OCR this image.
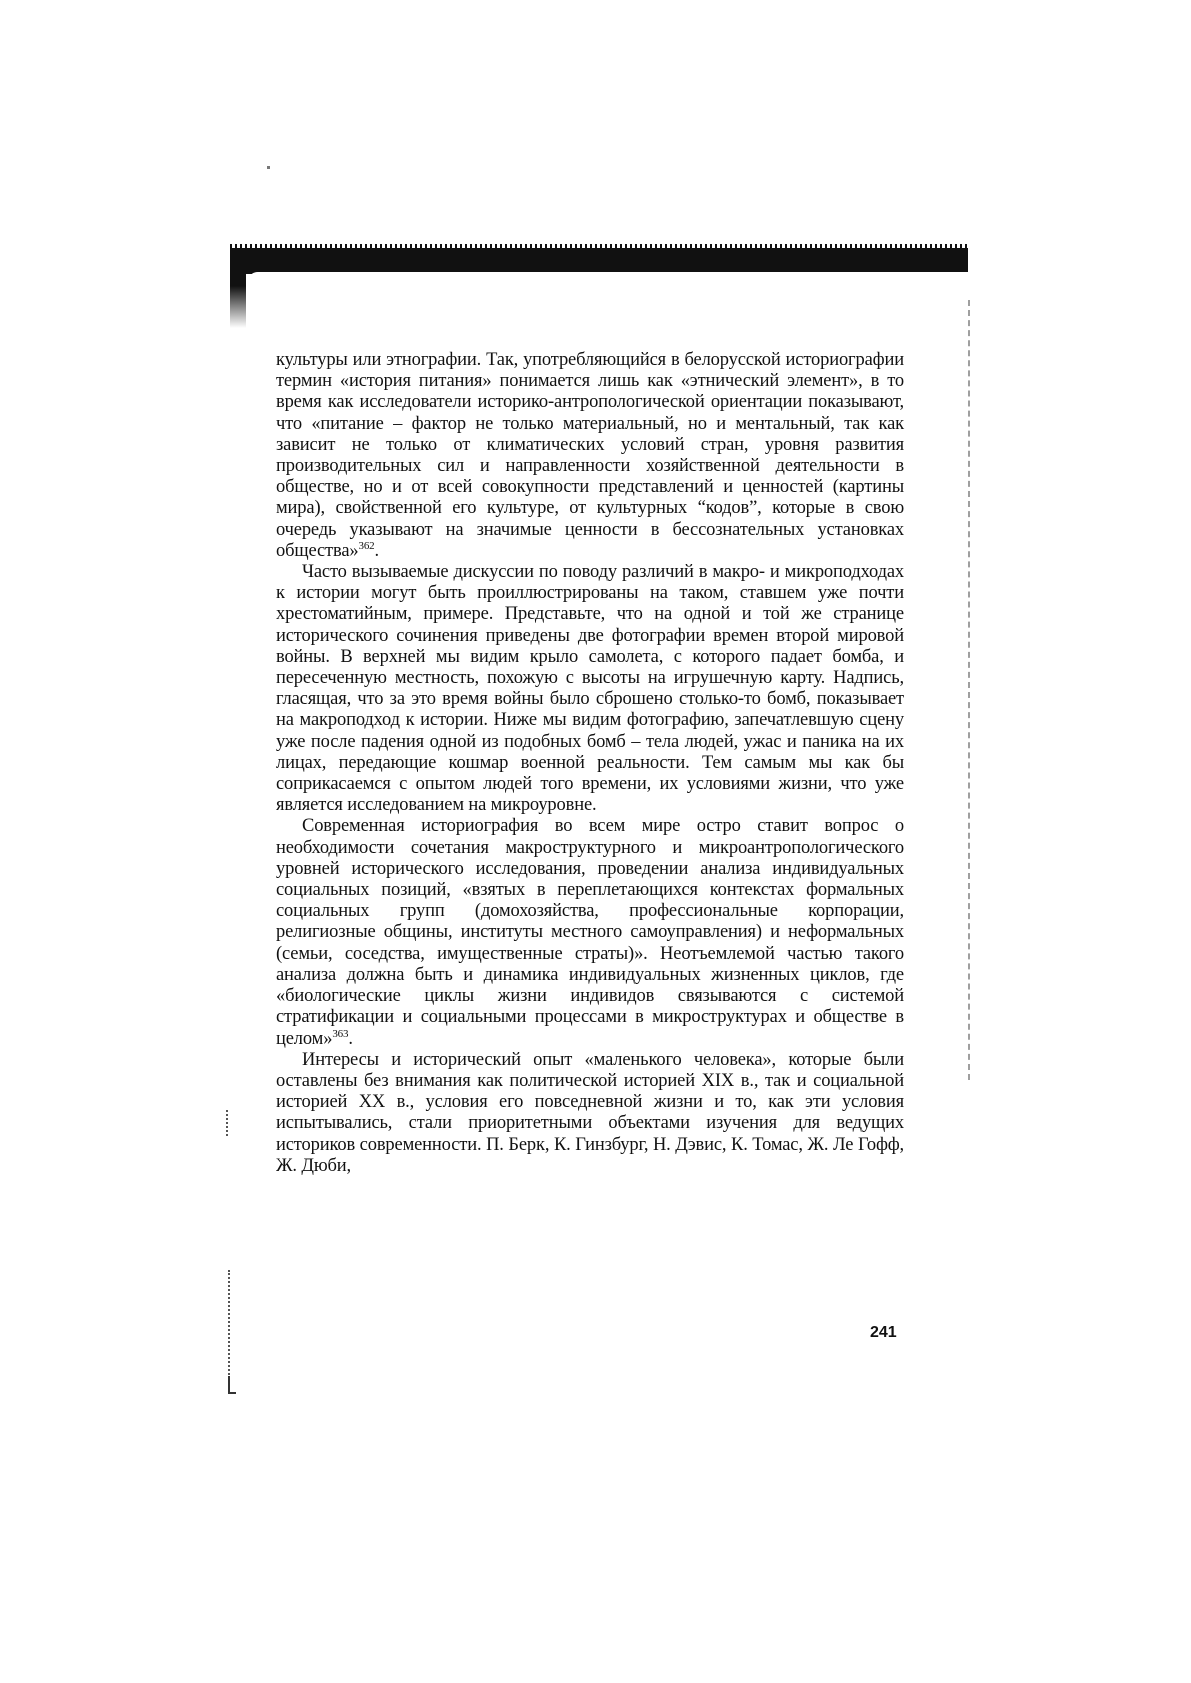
культуры или этнографии. Так, употребляющийся в белорусской историографии термин «история питания» понимается лишь как «этнический элемент», в то время как исследователи историко-антропологической ориентации показывают, что «питание – фактор не только материальный, но и ментальный, так как зависит не только от климатических условий стран, уровня развития производительных сил и направленности хозяйственной деятельности в обществе, но и от всей совокупности представлений и ценностей (картины мира), свойственной его культуре, от культурных “кодов”, которые в свою очередь указывают на значимые ценности в бессознательных установках общества»$^{362}$.

Часто вызываемые дискуссии по поводу различий в макро- и микроподходах к истории могут быть проиллюстрированы на таком, ставшем уже почти хрестоматийным, примере. Представьте, что на одной и той же странице исторического сочинения приведены две фотографии времен второй мировой войны. В верхней мы видим крыло самолета, с которого падает бомба, и пересеченную местность, похожую с высоты на игрушечную карту. Надпись, гласящая, что за это время войны было сброшено столько-то бомб, показывает на макроподход к истории. Ниже мы видим фотографию, запечатлевшую сцену уже после падения одной из подобных бомб – тела людей, ужас и паника на их лицах, передающие кошмар военной реальности. Тем самым мы как бы соприкасаемся с опытом людей того времени, их условиями жизни, что уже является исследованием на микроуровне.

Современная историография во всем мире остро ставит вопрос о необходимости сочетания макроструктурного и микроантропологического уровней исторического исследования, проведении анализа индивидуальных социальных позиций, «взятых в переплетающихся контекстах формальных социальных групп (домохозяйства, профессиональные корпорации, религиозные общины, институты местного самоуправления) и неформальных (семьи, соседства, имущественные страты)». Неотъемлемой частью такого анализа должна быть и динамика индивидуальных жизненных циклов, где «биологические циклы жизни индивидов связываются с системой стратификации и социальными процессами в микроструктурах и обществе в целом»$^{363}$.

Интересы и исторический опыт «маленького человека», которые были оставлены без внимания как политической историей XIX в., так и социальной историей XX в., условия его повседневной жизни и то, как эти условия испытывались, стали приоритетными объектами изучения для ведущих историков современности. П. Берк, К. Гинзбург, Н. Дэвис, К. Томас, Ж. Ле Гофф, Ж. Дюби,

241
